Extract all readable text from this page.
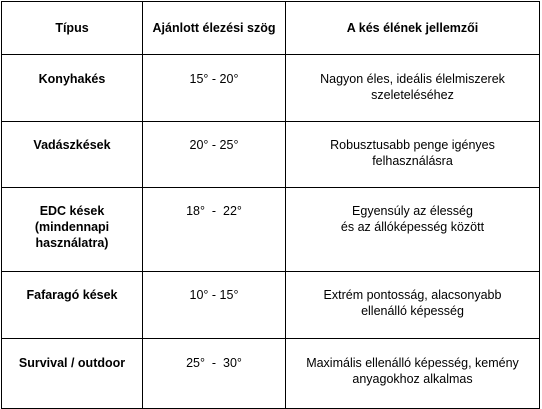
Típus	Ajánlott élezési szög	A kés élének jellemzői

Konyhakés	15° - 20°	Nagyon éles, ideális élelmiszerek
szeleteléséhez

Vadászkések	20° - 25°	Robusztusabb penge igényes
felhasználásra

EDC kések
(mindennapi
használatra)	18°  -  22°	Egyensúly az élesség
és az állóképesség között

Fafaragó kések	10° - 15°	Extrém pontosság, alacsonyabb
ellenálló képesség

Survival / outdoor	25°  -  30°	Maximális ellenálló képesség, kemény
anyagokhoz alkalmas
